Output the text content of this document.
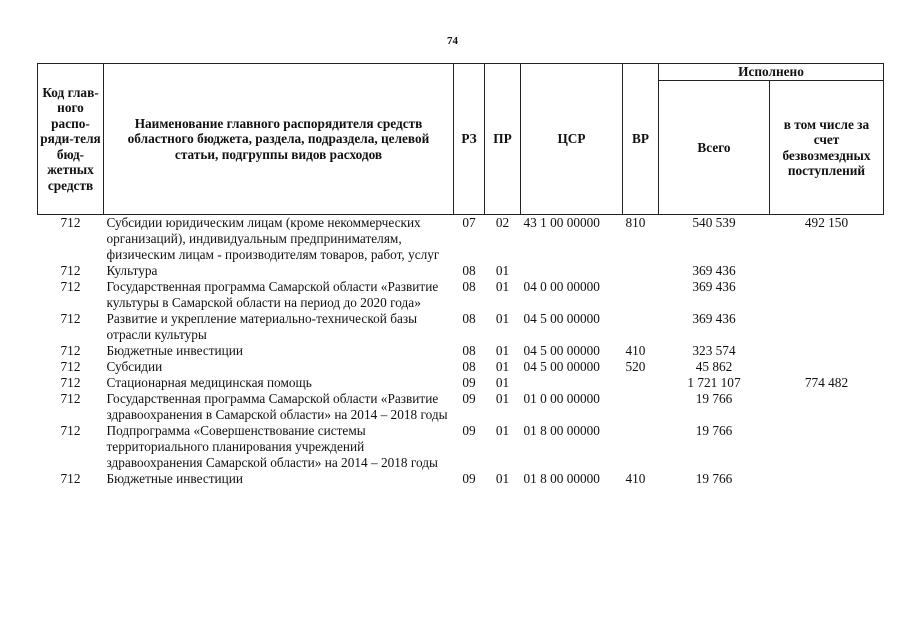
74
Код глав-ного распо-ряди-теля бюд-жетных средств	Наименование главного распорядителя средств областного бюджета, раздела, подраздела, целевой статьи, подгруппы видов расходов	РЗ	ПР	ЦСР	ВР	Исполнено	
						Всего	в том числе за счет безвозмездных поступлений
712	Субсидии юридическим лицам (кроме некоммерческих организаций), индивидуальным предпринимателям, физическим лицам - производителям товаров, работ, услуг	07	02	43 1 00 00000	810	540 539	492 150
712	Культура	08	01			369 436	
712	Государственная программа Самарской области «Развитие культуры в Самарской области на период до 2020 года»	08	01	04 0 00 00000		369 436	
712	Развитие и укрепление материально-технической базы отрасли культуры	08	01	04 5 00 00000		369 436	
712	Бюджетные инвестиции	08	01	04 5 00 00000	410	323 574	
712	Субсидии	08	01	04 5 00 00000	520	45 862	
712	Стационарная медицинская помощь	09	01			1 721 107	774 482
712	Государственная программа Самарской области «Развитие здравоохранения в Самарской области» на 2014 – 2018 годы	09	01	01 0 00 00000		19 766	
712	Подпрограмма «Совершенствование системы территориального планирования учреждений здравоохранения Самарской области» на 2014 – 2018 годы	09	01	01 8 00 00000		19 766	
712	Бюджетные инвестиции	09	01	01 8 00 00000	410	19 766	
